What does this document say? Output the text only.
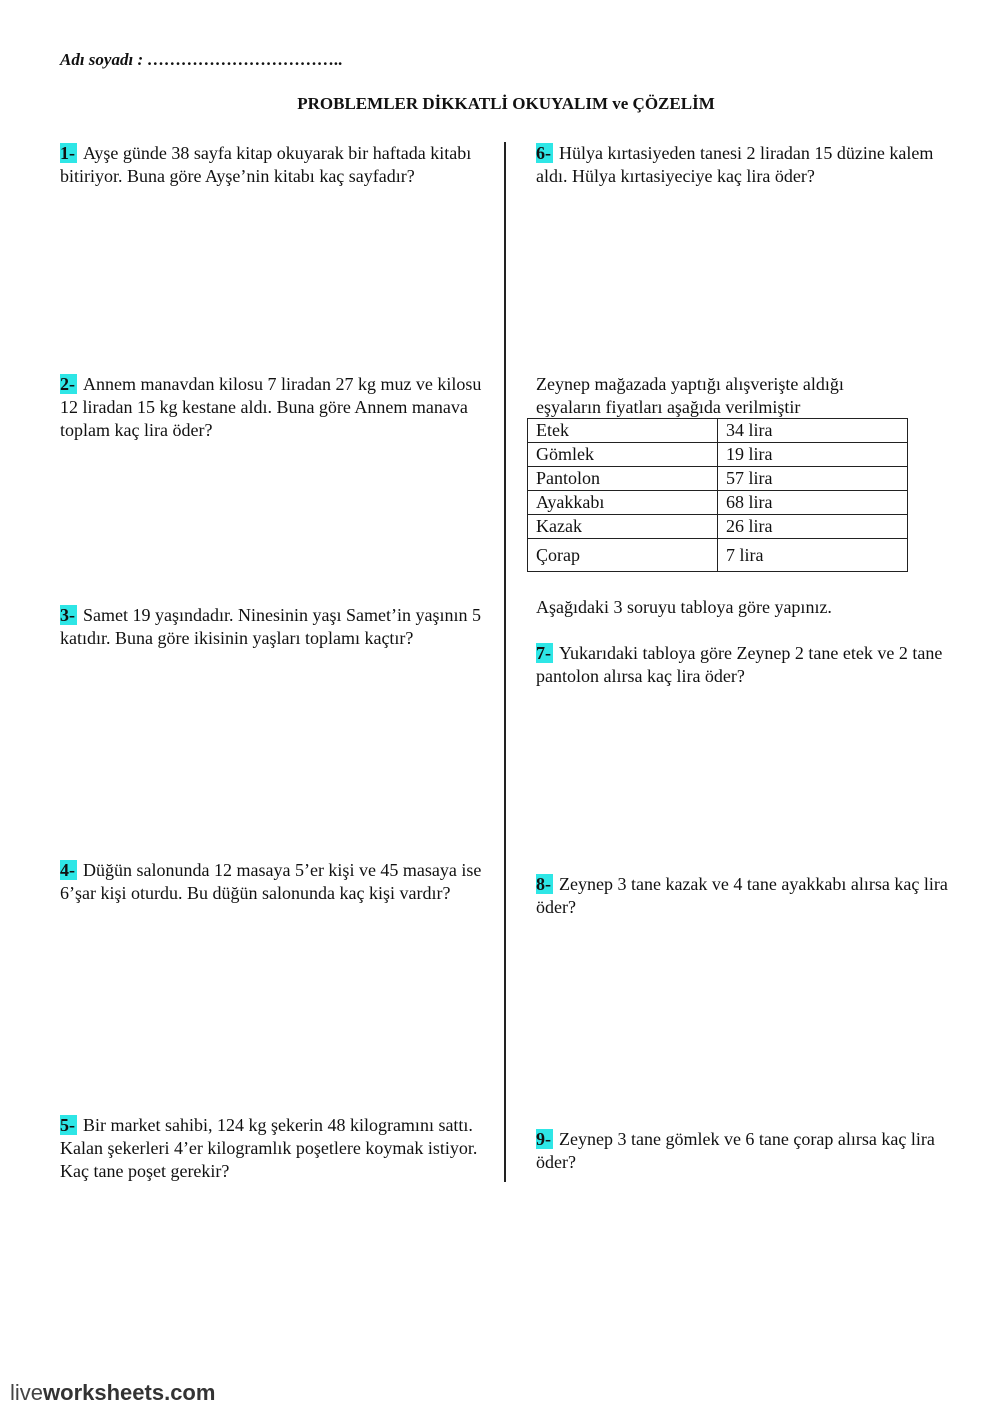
Adı soyadı : ……………………………..
PROBLEMLER DİKKATLİ OKUYALIM ve ÇÖZELİM
1- Ayşe günde 38 sayfa kitap okuyarak bir haftada kitabı bitiriyor. Buna göre Ayşe’nin kitabı kaç sayfadır?
2- Annem manavdan kilosu 7 liradan 27 kg muz ve kilosu 12 liradan 15 kg kestane aldı. Buna göre Annem manava toplam kaç lira öder?
3- Samet 19 yaşındadır. Ninesinin yaşı Samet’in yaşının 5 katıdır. Buna göre ikisinin yaşları toplamı kaçtır?
4- Düğün salonunda 12 masaya 5’er kişi ve 45 masaya ise 6’şar kişi oturdu. Bu düğün salonunda kaç kişi vardır?
5- Bir market sahibi, 124 kg şekerin 48 kilogramını sattı. Kalan şekerleri 4’er kilogramlık poşetlere koymak istiyor. Kaç tane poşet gerekir?
6- Hülya kırtasiyeden tanesi 2 liradan 15 düzine kalem aldı. Hülya kırtasiyeciye kaç lira öder?
Zeynep mağazada yaptığı alışverişte aldığı eşyaların fiyatları aşağıda verilmiştir
Etek	34 lira
Gömlek	19 lira
Pantolon	57 lira
Ayakkabı	68 lira
Kazak	26 lira
Çorap	7 lira
Aşağıdaki 3 soruyu tabloya göre yapınız.
7- Yukarıdaki tabloya göre Zeynep 2 tane etek ve 2 tane pantolon alırsa kaç lira öder?
8- Zeynep 3 tane kazak ve 4 tane ayakkabı alırsa kaç lira öder?
9- Zeynep 3 tane gömlek ve 6 tane çorap alırsa kaç lira öder?
liveworksheets.com
